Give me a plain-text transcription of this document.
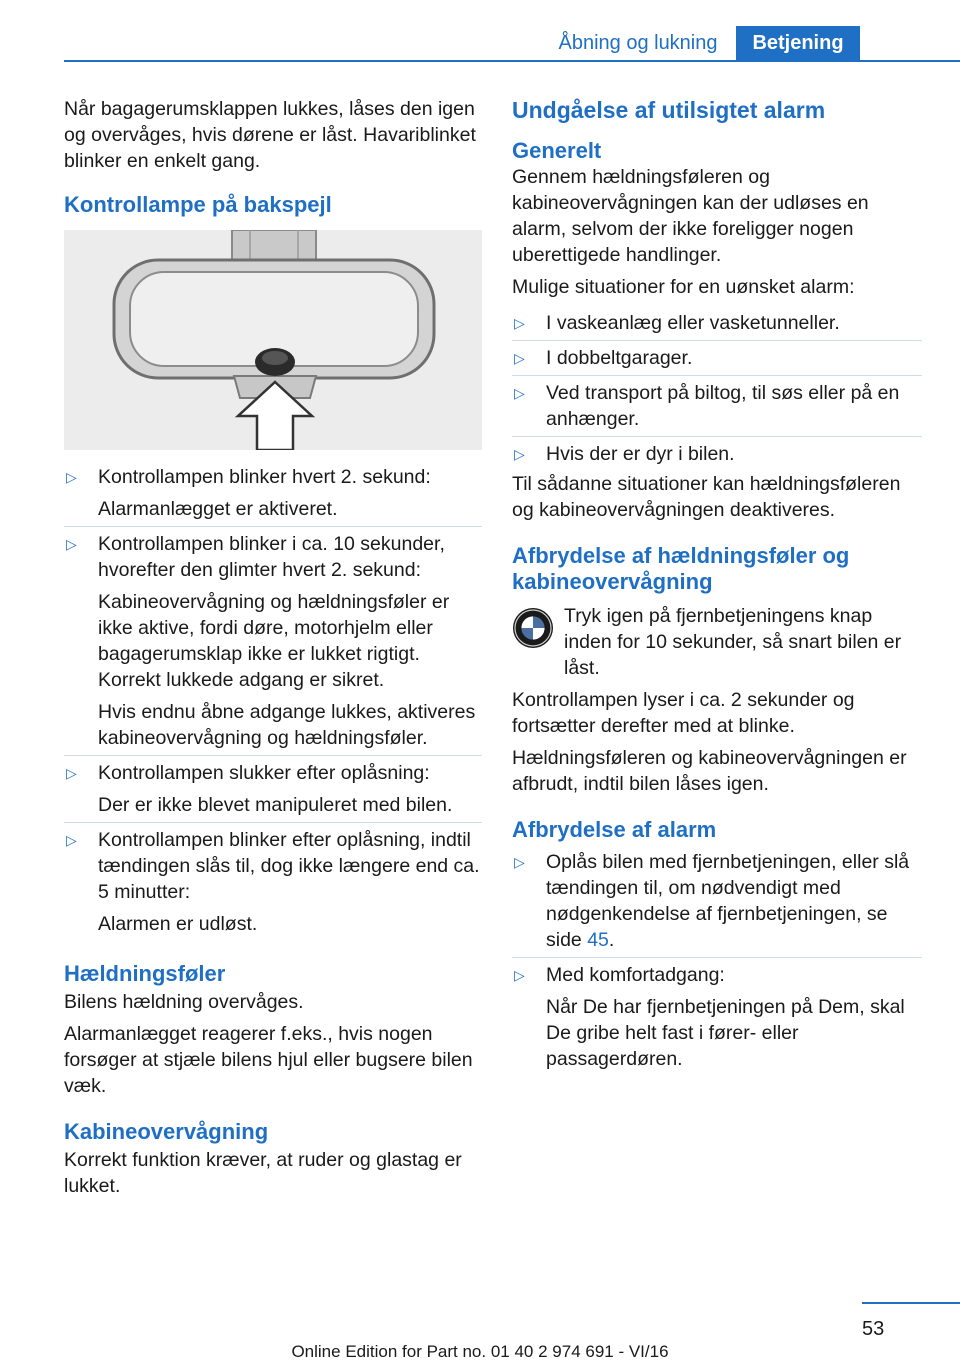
Åbning og lukning	Betjening

Når bagagerumsklappen lukkes, låses den igen og overvåges, hvis dørene er låst. Havariblinket blinker en enkelt gang.

Kontrollampe på bakspejl
▷ Kontrollampen blinker hvert 2. sekund:

Alarmanlægget er aktiveret.

▷ Kontrollampen blinker i ca. 10 sekunder, hvorefter den glimter hvert 2. sekund:

Kabineovervågning og hældningsføler er ikke aktive, fordi døre, motorhjelm eller bagagerumsklap ikke er lukket rigtigt. Korrekt lukkede adgang er sikret.

Hvis endnu åbne adgange lukkes, aktiveres kabineovervågning og hældningsføler.

▷ Kontrollampen slukker efter oplåsning:

Der er ikke blevet manipuleret med bilen.

▷ Kontrollampen blinker efter oplåsning, indtil tændingen slås til, dog ikke længere end ca. 5 minutter:

Alarmen er udløst.

Hældningsføler

Bilens hældning overvåges.

Alarmanlægget reagerer f.eks., hvis nogen forsøger at stjæle bilens hjul eller bugsere bilen væk.

Kabineovervågning

Korrekt funktion kræver, at ruder og glastag er lukket.

Undgåelse af utilsigtet alarm
Generelt

Gennem hældningsføleren og kabineovervågningen kan der udløses en alarm, selvom der ikke foreligger nogen uberettigede handlinger.

Mulige situationer for en uønsket alarm:

▷ I vaskeanlæg eller vasketunneller.

▷ I dobbeltgarager.

▷ Ved transport på biltog, til søs eller på en anhænger.

▷ Hvis der er dyr i bilen.

Til sådanne situationer kan hældningsføleren og kabineovervågningen deaktiveres.

Afbrydelse af hældningsføler og kabineovervågning

Tryk igen på fjernbetjeningens knap inden for 10 sekunder, så snart bilen er låst.

Kontrollampen lyser i ca. 2 sekunder og fortsætter derefter med at blinke.

Hældningsføleren og kabineovervågningen er afbrudt, indtil bilen låses igen.

Afbrydelse af alarm
▷ Oplås bilen med fjernbetjeningen, eller slå tændingen til, om nødvendigt med nødgenkendelse af fjernbetjeningen, se side 45.

▷ Med komfortadgang:

Når De har fjernbetjeningen på Dem, skal De gribe helt fast i fører- eller passagerdøren.

53
Online Edition for Part no. 01 40 2 974 691 - VI/16
